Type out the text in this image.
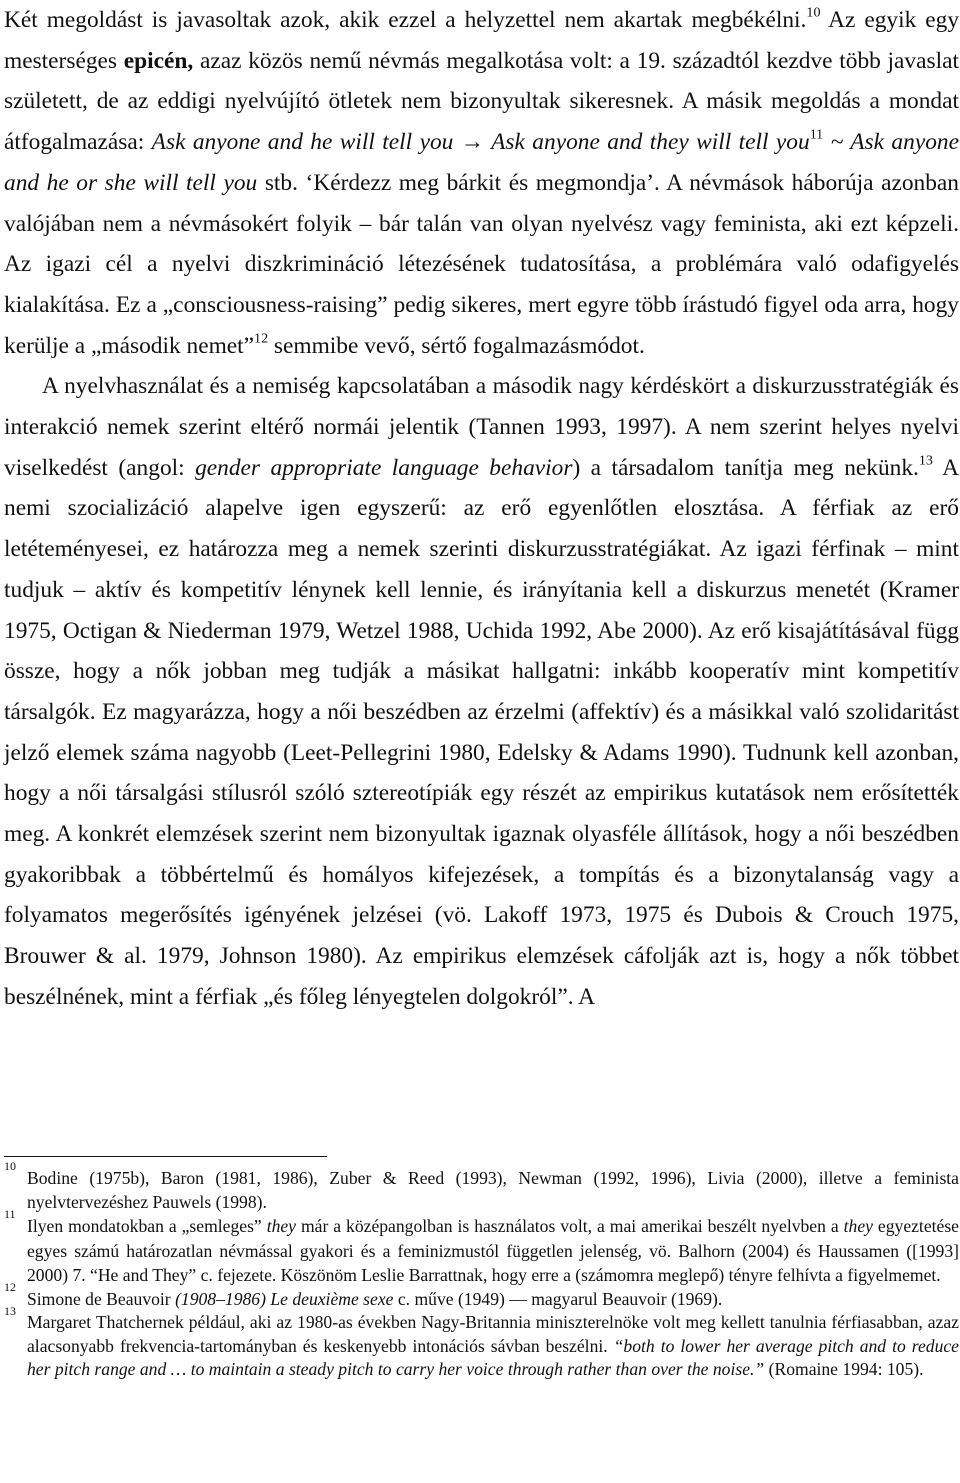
Két megoldást is javasoltak azok, akik ezzel a helyzettel nem akartak megbékélni.$^{10}$ Az egyik egy mesterséges epicén, azaz közös nemű névmás megalkotása volt: a 19. századtól kezdve több javaslat született, de az eddigi nyelvújító ötletek nem bizonyultak sikeresnek. A másik megoldás a mondat átfogalmazása: Ask anyone and he will tell you → Ask anyone and they will tell you$^{11}$ ~ Ask anyone and he or she will tell you stb. ‘Kérdezz meg bárkit és megmondja’. A névmások háborúja azonban valójában nem a névmásokért folyik – bár talán van olyan nyelvész vagy feminista, aki ezt képzeli. Az igazi cél a nyelvi diszkrimináció létezésének tudatosítása, a problémára való odafigyelés kialakítása. Ez a „consciousness-raising” pedig sikeres, mert egyre több írástudó figyel oda arra, hogy kerülje a „második nemet”$^{12}$ semmibe vevő, sértő fogalmazásmódot.

A nyelvhasználat és a nemiség kapcsolatában a második nagy kérdéskört a diskurzusstratégiák és interakció nemek szerint eltérő normái jelentik (Tannen 1993, 1997). A nem szerint helyes nyelvi viselkedést (angol: gender appropriate language behavior) a társadalom tanítja meg nekünk.$^{13}$ A nemi szocializáció alapelve igen egyszerű: az erő egyenlőtlen elosztása. A férfiak az erő letéteményesei, ez határozza meg a nemek szerinti diskurzusstratégiákat. Az igazi férfinak – mint tudjuk – aktív és kompetitív lénynek kell lennie, és irányítania kell a diskurzus menetét (Kramer 1975, Octigan & Niederman 1979, Wetzel 1988, Uchida 1992, Abe 2000). Az erő kisajátításával függ össze, hogy a nők jobban meg tudják a másikat hallgatni: inkább kooperatív mint kompetitív társalgók. Ez magyarázza, hogy a női beszédben az érzelmi (affektív) és a másikkal való szolidaritást jelző elemek száma nagyobb (Leet-Pellegrini 1980, Edelsky & Adams 1990). Tudnunk kell azonban, hogy a női társalgási stílusról szóló sztereotípiák egy részét az empirikus kutatások nem erősítették meg. A konkrét elemzések szerint nem bizonyultak igaznak olyasféle állítások, hogy a női beszédben gyakoribbak a többértelmű és homályos kifejezések, a tompítás és a bizonytalanság vagy a folyamatos megerősítés igényének jelzései (vö. Lakoff 1973, 1975 és Dubois & Crouch 1975, Brouwer & al. 1979, Johnson 1980). Az empirikus elemzések cáfolják azt is, hogy a nők többet beszélnének, mint a férfiak „és főleg lényegtelen dolgokról”. A

10
Bodine (1975b), Baron (1981, 1986), Zuber & Reed (1993), Newman (1992, 1996), Livia (2000), illetve a feminista nyelvtervezéshez Pauwels (1998).

11
Ilyen mondatokban a „semleges” they már a középangolban is használatos volt, a mai amerikai beszélt nyelvben a they egyeztetése egyes számú határozatlan névmással gyakori és a feminizmustól független jelenség, vö. Balhorn (2004) és Haussamen ([1993] 2000) 7. “He and They” c. fejezete. Köszönöm Leslie Barrattnak, hogy erre a (számomra meglepő) tényre felhívta a figyelmemet.

12
Simone de Beauvoir (1908–1986) Le deuxième sexe c. műve (1949) — magyarul Beauvoir (1969).

13
Margaret Thatchernek például, aki az 1980-as években Nagy-Britannia miniszterelnöke volt meg kellett tanulnia férfiasabban, azaz alacsonyabb frekvencia-tartományban és keskenyebb intonációs sávban beszélni. “both to lower her average pitch and to reduce her pitch range and … to maintain a steady pitch to carry her voice through rather than over the noise.” (Romaine 1994: 105).
